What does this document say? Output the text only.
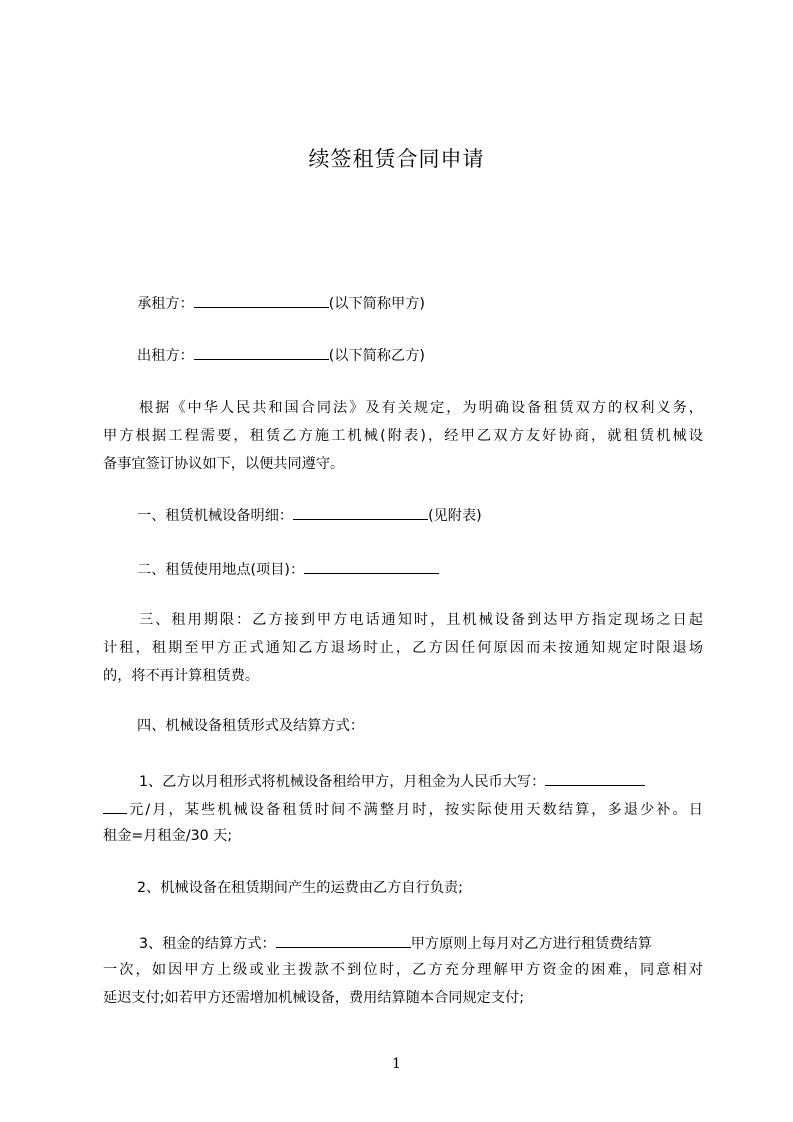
续签租赁合同申请
承租方：	(以下简称甲方)
出租方：	(以下简称乙方)
根据《中华人民共和国合同法》及有关规定，为明确设备租赁双方的权利义务，
甲方根据工程需要，租赁乙方施工机械(附表)，经甲乙双方友好协商，就租赁机械设
备事宜签订协议如下，以便共同遵守。
一、租赁机械设备明细：	(见附表)
二、租赁使用地点(项目)：
三、租用期限：乙方接到甲方电话通知时，且机械设备到达甲方指定现场之日起
计租，租期至甲方正式通知乙方退场时止，乙方因任何原因而未按通知规定时限退场
的，将不再计算租赁费。
四、机械设备租赁形式及结算方式：
1、乙方以月租形式将机械设备租给甲方，月租金为人民币大写：
元/月，某些机械设备租赁时间不满整月时，按实际使用天数结算，多退少补。日
租金=月租金/30 天;
2、机械设备在租赁期间产生的运费由乙方自行负责;
3、租金的结算方式：	甲方原则上每月对乙方进行租赁费结算
一次，如因甲方上级或业主拨款不到位时，乙方充分理解甲方资金的困难，同意相对
延迟支付;如若甲方还需增加机械设备，费用结算随本合同规定支付;
1
